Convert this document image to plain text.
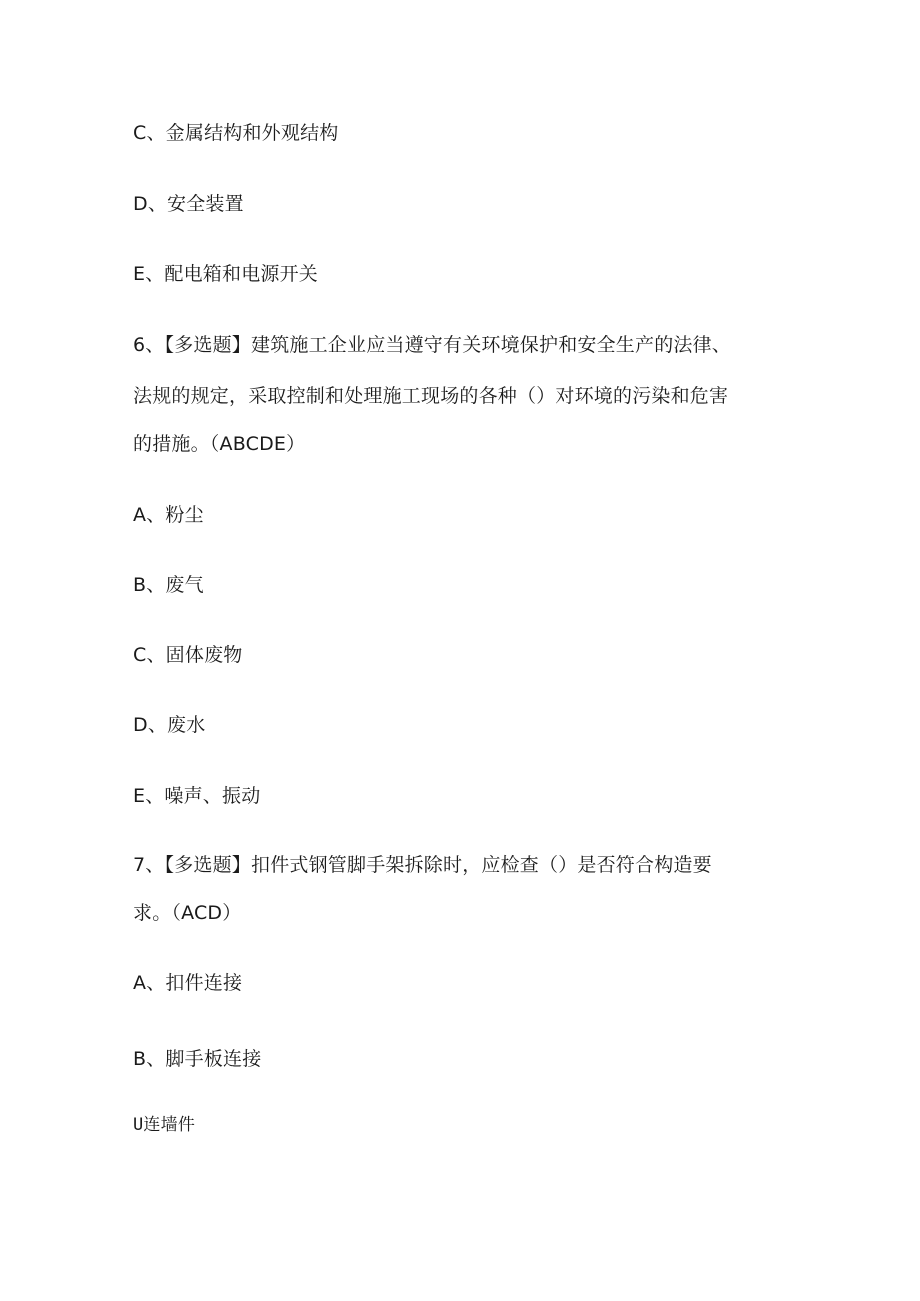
C、金属结构和外观结构
D、安全装置
E、配电箱和电源开关
6、【多选题】建筑施工企业应当遵守有关环境保护和安全生产的法律、
法规的规定，采取控制和处理施工现场的各种（）对环境的污染和危害
的措施。（ABCDE）
A、粉尘
B、废气
C、固体废物
D、废水
E、噪声、振动
7、【多选题】扣件式钢管脚手架拆除时，应检查（）是否符合构造要
求。（ACD）
A、扣件连接
B、脚手板连接
U连墙件
